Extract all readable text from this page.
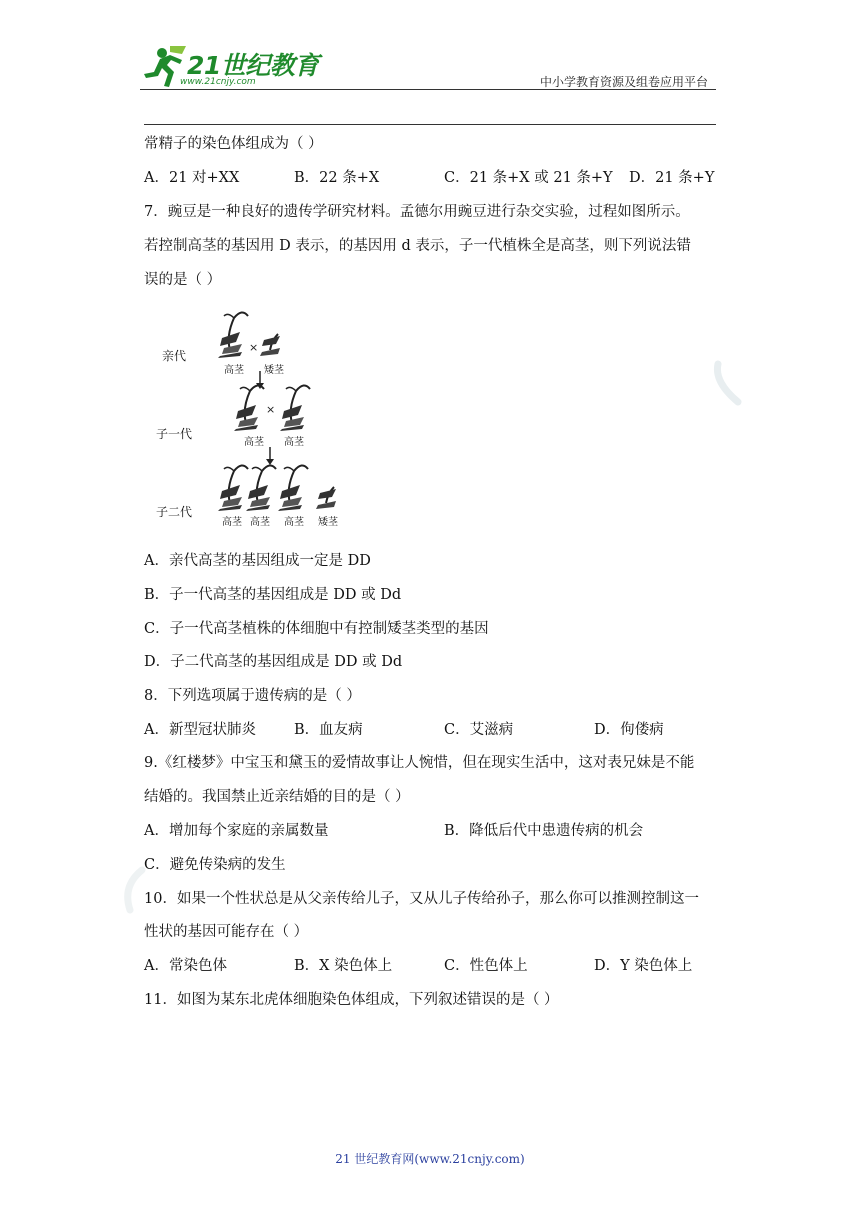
21世纪教育
www.21cnjy.com	中小学教育资源及组卷应用平台
常精子的染色体组成为（ ）
A．21 对+XX	B．22 条+X	C．21 条+X 或 21 条+Y D．21 条+Y
7．豌豆是一种良好的遗传学研究材料。孟德尔用豌豆进行杂交实验，过程如图所示。
若控制高茎的基因用 D 表示，的基因用 d 表示，子一代植株全是高茎，则下列说法错
误的是（ ）
亲代
子一代
子二代
×
×
高茎 矮茎
高茎 高茎
高茎 高茎 高茎 矮茎
A．亲代高茎的基因组成一定是 DD
B．子一代高茎的基因组成是 DD 或 Dd
C．子一代高茎植株的体细胞中有控制矮茎类型的基因
D．子二代高茎的基因组成是 DD 或 Dd
8．下列选项属于遗传病的是（ ）
A．新型冠状肺炎	B．血友病	C．艾滋病	D．佝偻病
9.《红楼梦》中宝玉和黛玉的爱情故事让人惋惜，但在现实生活中，这对表兄妹是不能
结婚的。我国禁止近亲结婚的目的是（ ）
A．增加每个家庭的亲属数量	B．降低后代中患遗传病的机会
C．避免传染病的发生
10．如果一个性状总是从父亲传给儿子，又从儿子传给孙子，那么你可以推测控制这一
性状的基因可能存在（ ）
A．常染色体	B．X 染色体上	C．性色体上	D．Y 染色体上
11．如图为某东北虎体细胞染色体组成，下列叙述错误的是（ ）
21 世纪教育网(www.21cnjy.com)
